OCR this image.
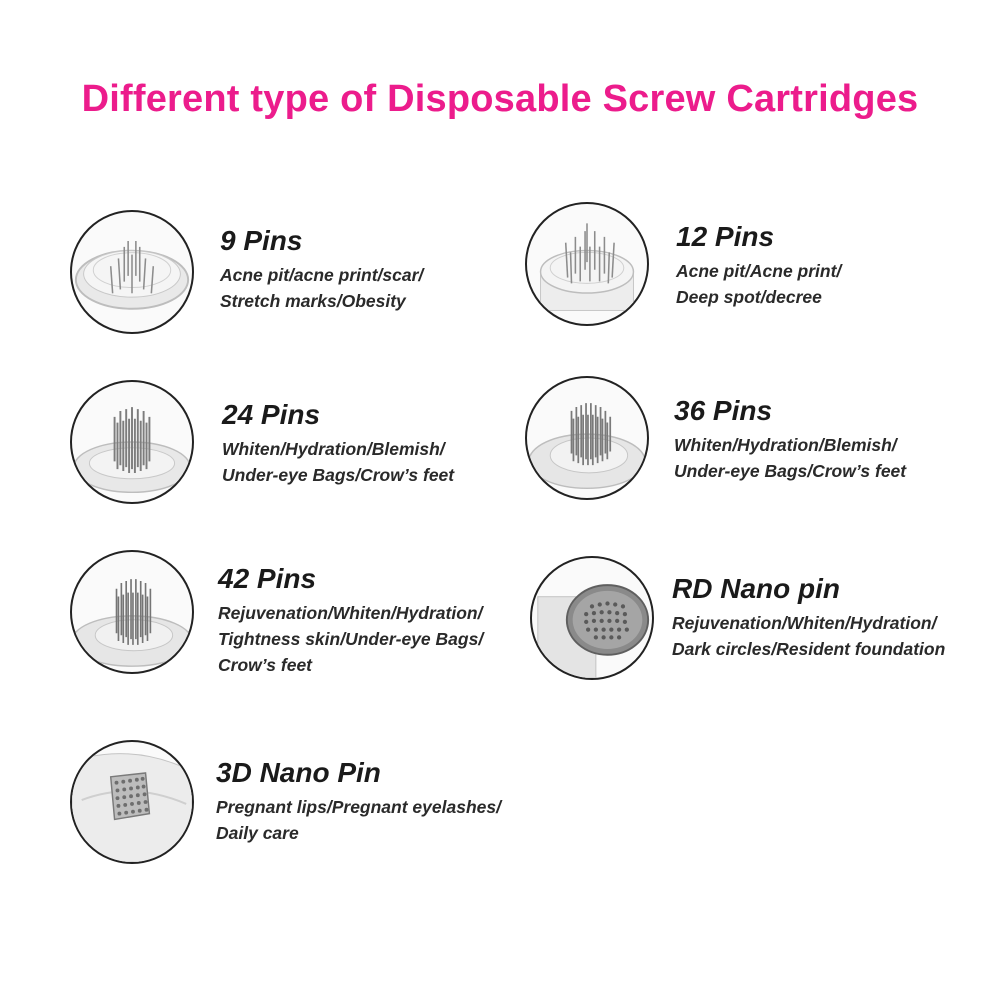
Different type of Disposable Screw Cartridges
9 Pins
Acne pit/acne print/scar/
Stretch marks/Obesity
12 Pins
Acne pit/Acne print/
Deep spot/decree
24 Pins
Whiten/Hydration/Blemish/
Under-eye Bags/Crow’s feet
36 Pins
Whiten/Hydration/Blemish/
Under-eye Bags/Crow’s feet
42 Pins
Rejuvenation/Whiten/Hydration/
Tightness skin/Under-eye Bags/
Crow’s feet
RD Nano pin
Rejuvenation/Whiten/Hydration/
Dark circles/Resident foundation
3D Nano Pin
Pregnant lips/Pregnant eyelashes/
Daily care
